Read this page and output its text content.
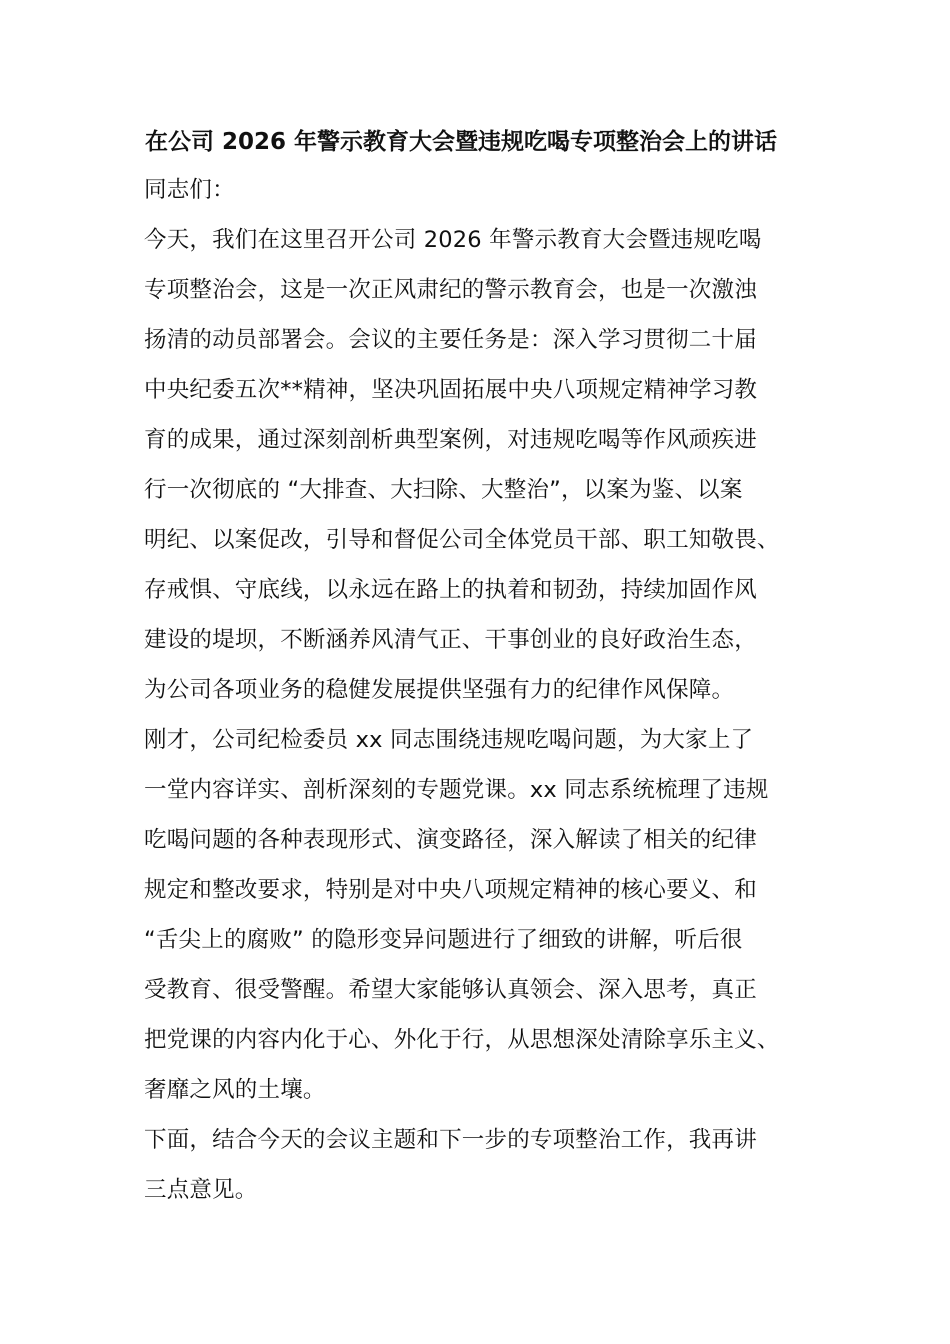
在公司 2026 年警示教育大会暨违规吃喝专项整治会上的讲话
同志们：
今天，我们在这里召开公司 2026 年警示教育大会暨违规吃喝
专项整治会，这是一次正风肃纪的警示教育会，也是一次激浊
扬清的动员部署会。会议的主要任务是：深入学习贯彻二十届
中央纪委五次**精神，坚决巩固拓展中央八项规定精神学习教
育的成果，通过深刻剖析典型案例，对违规吃喝等作风顽疾进
行一次彻底的 “大排查、大扫除、大整治”，以案为鉴、以案
明纪、以案促改，引导和督促公司全体党员干部、职工知敬畏、
存戒惧、守底线，以永远在路上的执着和韧劲，持续加固作风
建设的堤坝，不断涵养风清气正、干事创业的良好政治生态，
为公司各项业务的稳健发展提供坚强有力的纪律作风保障。
刚才，公司纪检委员 xx 同志围绕违规吃喝问题，为大家上了
一堂内容详实、剖析深刻的专题党课。xx 同志系统梳理了违规
吃喝问题的各种表现形式、演变路径，深入解读了相关的纪律
规定和整改要求，特别是对中央八项规定精神的核心要义、和
“舌尖上的腐败” 的隐形变异问题进行了细致的讲解，听后很
受教育、很受警醒。希望大家能够认真领会、深入思考，真正
把党课的内容内化于心、外化于行，从思想深处清除享乐主义、
奢靡之风的土壤。
下面，结合今天的会议主题和下一步的专项整治工作，我再讲
三点意见。
